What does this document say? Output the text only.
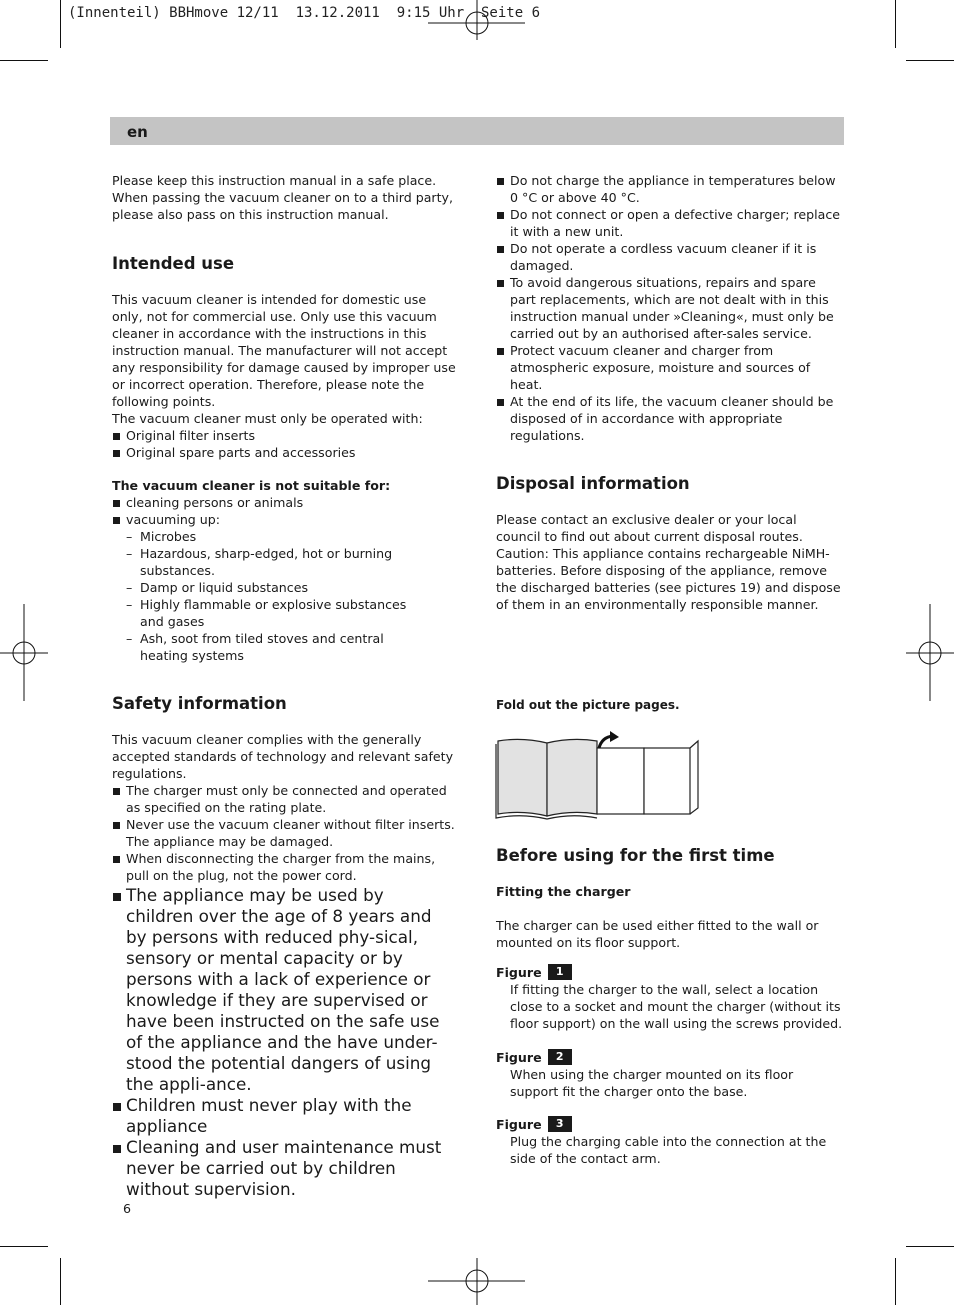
(Innenteil) BBHmove 12/11  13.12.2011  9:15 Uhr  Seite 6
en

Please keep this instruction manual in a safe place. When passing the vacuum cleaner on to a third party, please also pass on this instruction manual.

Intended use

This vacuum cleaner is intended for domestic use only, not for commercial use. Only use this vacuum cleaner in accordance with the instructions in this instruction manual. The manufacturer will not accept any responsibility for damage caused by improper use or incorrect operation. Therefore, please note the following points.

The vacuum cleaner must only be operated with:

Original filter inserts
Original spare parts and accessories
The vacuum cleaner is not suitable for:
cleaning persons or animals
vacuuming up:
– Microbes
– Hazardous, sharp-edged, hot or burning substances.
– Damp or liquid substances
– Highly flammable or explosive substances and gases
– Ash, soot from tiled stoves and central heating systems
Safety information

This vacuum cleaner complies with the generally accepted standards of technology and relevant safety regulations.

The charger must only be connected and operated as specified on the rating plate.
Never use the vacuum cleaner without filter inserts. The appliance may be damaged.
When disconnecting the charger from the mains, pull on the plug, not the power cord.
The appliance may be used by children over the age of 8 years and by persons with reduced phy-sical, sensory or mental capacity or by persons with a lack of experience or knowledge if they are supervised or have been instructed on the safe use of the appliance and the have under-stood the potential dangers of using the appli-ance.
Children must never play with the appliance
Cleaning and user maintenance must never be carried out by children without supervision.
6
Do not charge the appliance in temperatures below 0 °C or above 40 °C.
Do not connect or open a defective charger; replace it with a new unit.
Do not operate a cordless vacuum cleaner if it is damaged.
To avoid dangerous situations, repairs and spare part replacements, which are not dealt with in this instruction manual under »Cleaning«, must only be carried out by an authorised after-sales service.
Protect vacuum cleaner and charger from atmospheric exposure, moisture and sources of heat.
At the end of its life, the vacuum cleaner should be disposed of in accordance with appropriate regulations.
Disposal information

Please contact an exclusive dealer or your local council to find out about current disposal routes. Caution: This appliance contains rechargeable NiMH-batteries. Before disposing of the appliance, remove the discharged batteries (see pictures 19) and dispose of them in an environmentally responsible manner.

Fold out the picture pages.
Before using for the first time
Fitting the charger

The charger can be used either fitted to the wall or mounted on its floor support.

Figure 1
If fitting the charger to the wall, select a location close to a socket and mount the charger (without its floor support) on the wall using the screws provided.
Figure 2
When using the charger mounted on its floor support fit the charger onto the base.
Figure 3
Plug the charging cable into the connection at the side of the contact arm.
